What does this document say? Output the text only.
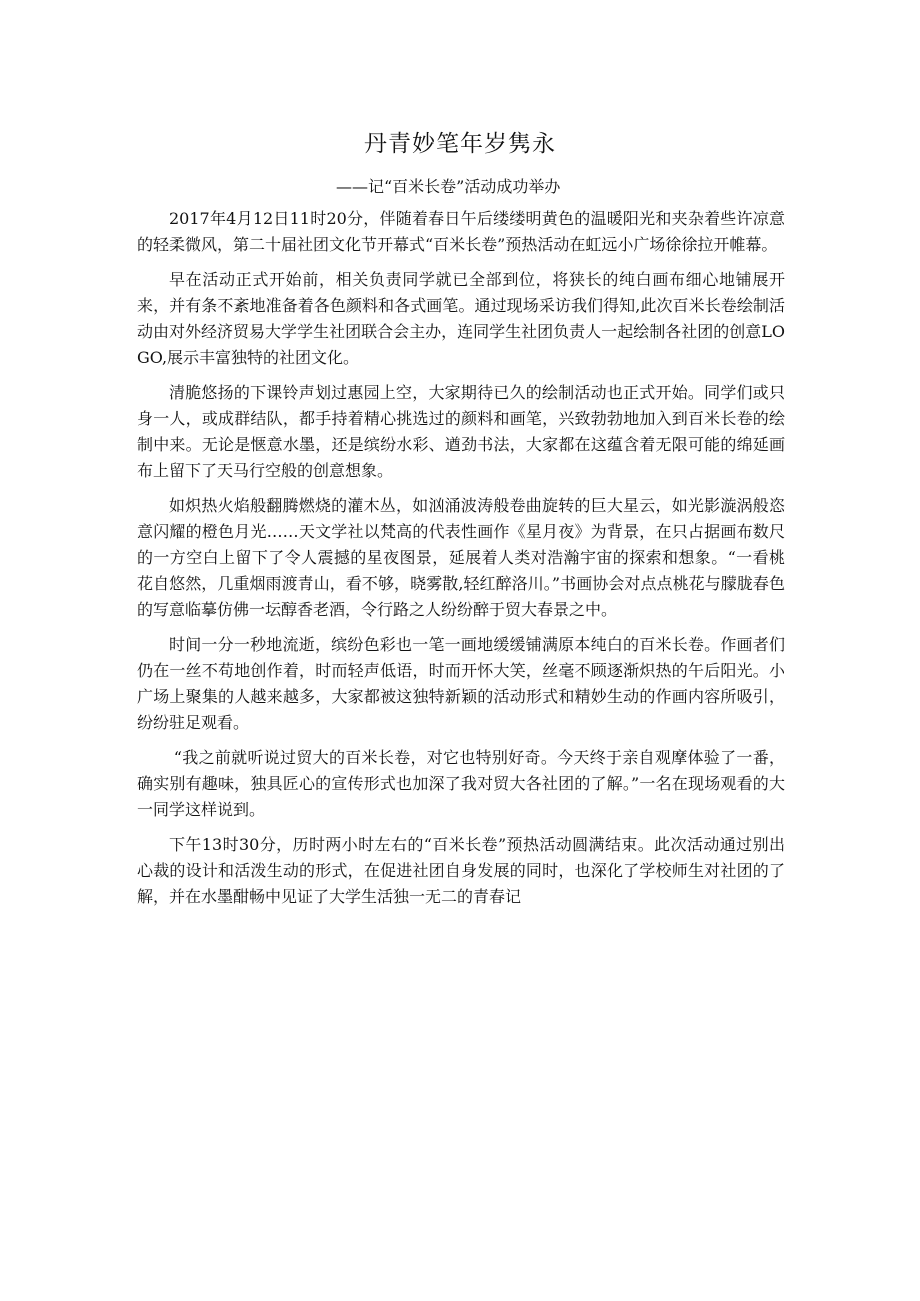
丹青妙笔年岁隽永

——记“百米长卷”活动成功举办

2017年4月12日11时20分，伴随着春日午后缕缕明黄色的温暖阳光和夹杂着些许凉意的轻柔微风，第二十届社团文化节开幕式“百米长卷”预热活动在虹远小广场徐徐拉开帷幕。

早在活动正式开始前，相关负责同学就已全部到位，将狭长的纯白画布细心地铺展开来，并有条不紊地准备着各色颜料和各式画笔。通过现场采访我们得知,此次百米长卷绘制活动由对外经济贸易大学学生社团联合会主办，连同学生社团负责人一起绘制各社团的创意LOGO,展示丰富独特的社团文化。

清脆悠扬的下课铃声划过惠园上空，大家期待已久的绘制活动也正式开始。同学们或只身一人，或成群结队，都手持着精心挑选过的颜料和画笔，兴致勃勃地加入到百米长卷的绘制中来。无论是惬意水墨，还是缤纷水彩、遒劲书法，大家都在这蕴含着无限可能的绵延画布上留下了天马行空般的创意想象。

如炽热火焰般翻腾燃烧的灌木丛，如汹涌波涛般卷曲旋转的巨大星云，如光影漩涡般恣意闪耀的橙色月光……天文学社以梵高的代表性画作《星月夜》为背景，在只占据画布数尺的一方空白上留下了令人震撼的星夜图景，延展着人类对浩瀚宇宙的探索和想象。“一看桃花自悠然，几重烟雨渡青山，看不够，晓雾散,轻红醉洛川。”书画协会对点点桃花与朦胧春色的写意临摹仿佛一坛醇香老酒，令行路之人纷纷醉于贸大春景之中。

时间一分一秒地流逝，缤纷色彩也一笔一画地缓缓铺满原本纯白的百米长卷。作画者们仍在一丝不苟地创作着，时而轻声低语，时而开怀大笑，丝毫不顾逐渐炽热的午后阳光。小广场上聚集的人越来越多，大家都被这独特新颖的活动形式和精妙生动的作画内容所吸引，纷纷驻足观看。

“我之前就听说过贸大的百米长卷，对它也特别好奇。今天终于亲自观摩体验了一番，确实别有趣味，独具匠心的宣传形式也加深了我对贸大各社团的了解。”一名在现场观看的大一同学这样说到。

下午13时30分，历时两小时左右的“百米长卷”预热活动圆满结束。此次活动通过别出心裁的设计和活泼生动的形式，在促进社团自身发展的同时，也深化了学校师生对社团的了解，并在水墨酣畅中见证了大学生活独一无二的青春记
